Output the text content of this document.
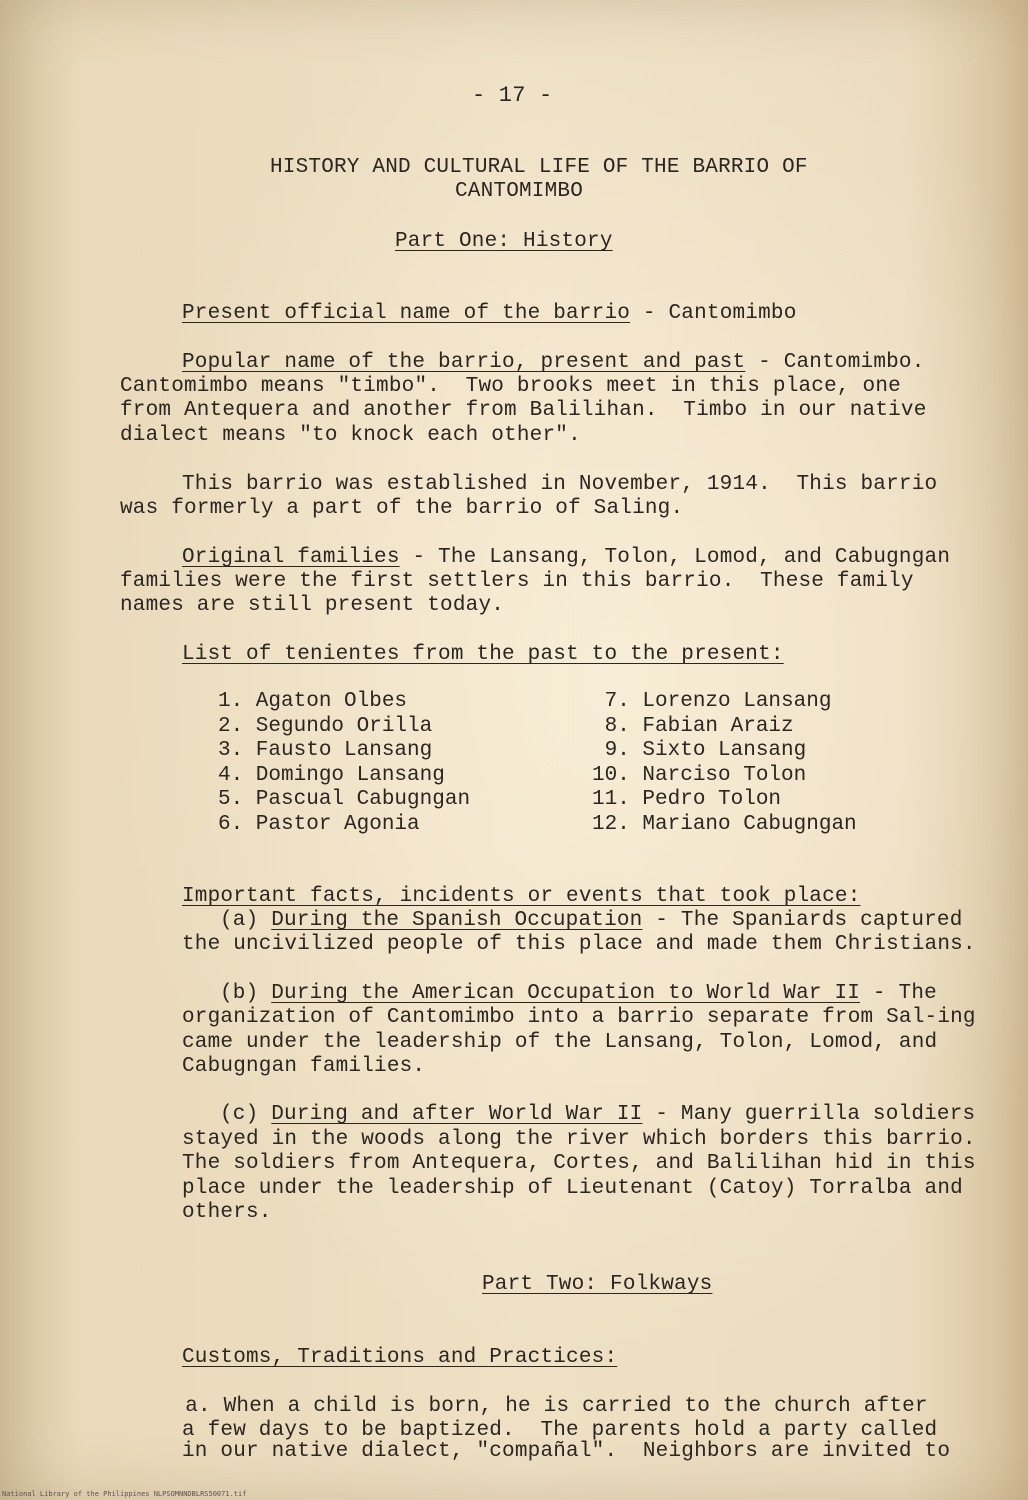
- 17 -
HISTORY AND CULTURAL LIFE OF THE BARRIO OF
CANTOMIMBO
Part One: History
Present official name of the barrio - Cantomimbo
Popular name of the barrio, present and past - Cantomimbo.
Cantomimbo means "timbo".  Two brooks meet in this place, one
from Antequera and another from Balilihan.  Timbo in our native
dialect means "to knock each other".
This barrio was established in November, 1914.  This barrio
was formerly a part of the barrio of Saling.
Original families - The Lansang, Tolon, Lomod, and Cabugngan
families were the first settlers in this barrio.  These family
names are still present today.
List of tenientes from the past to the present:
1. Agaton Olbes
2. Segundo Orilla
3. Fausto Lansang
4. Domingo Lansang
5. Pascual Cabugngan
6. Pastor Agonia
7. Lorenzo Lansang
8. Fabian Araiz
9. Sixto Lansang
10. Narciso Tolon
11. Pedro Tolon
12. Mariano Cabugngan
Important facts, incidents or events that took place:
(a) During the Spanish Occupation - The Spaniards captured
the uncivilized people of this place and made them Christians.
(b) During the American Occupation to World War II - The
organization of Cantomimbo into a barrio separate from Sal-ing
came under the leadership of the Lansang, Tolon, Lomod, and
Cabugngan families.
(c) During and after World War II - Many guerrilla soldiers
stayed in the woods along the river which borders this barrio.
The soldiers from Antequera, Cortes, and Balilihan hid in this
place under the leadership of Lieutenant (Catoy) Torralba and
others.
Part Two: Folkways
Customs, Traditions and Practices:
a. When a child is born, he is carried to the church after
a few days to be baptized.  The parents hold a party called
in our native dialect, "compañal".  Neighbors are invited to
National Library of the Philippines NLPSOMNNDBLRS50071.tif
